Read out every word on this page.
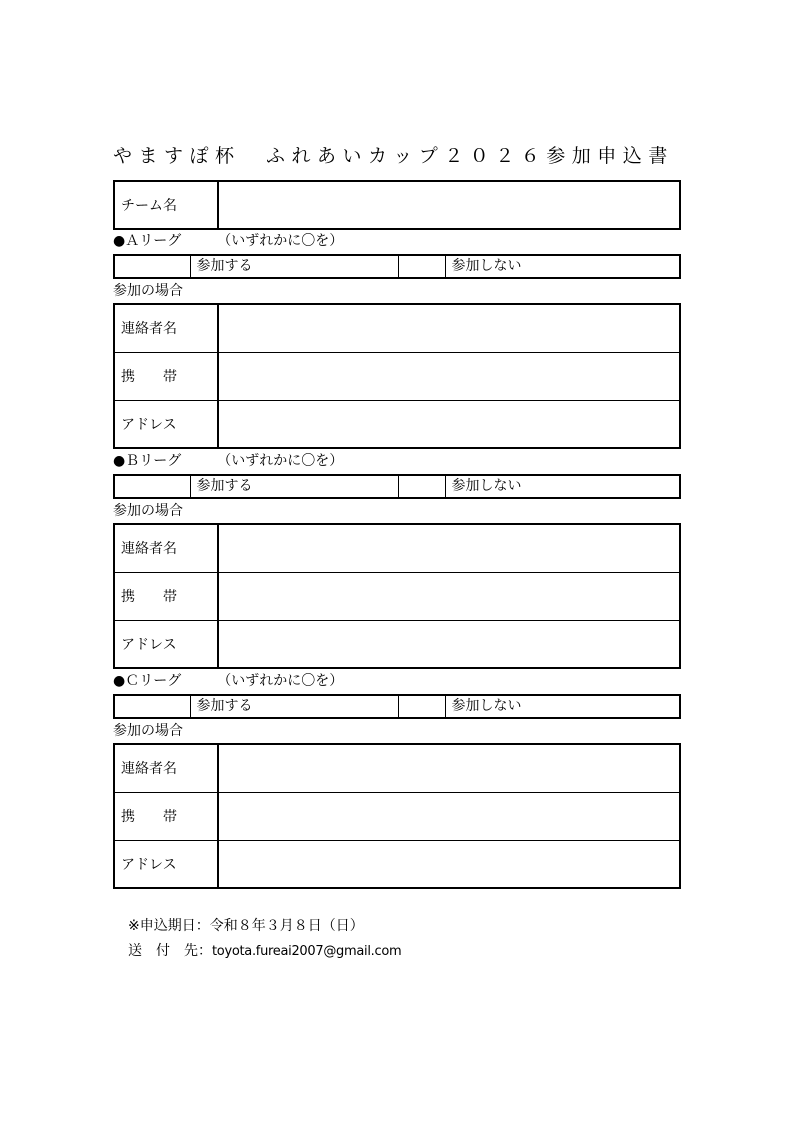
やますぽ杯　ふれあいカップ２０２６参加申込書
チーム名	
●Ａリーグ	（いずれかに〇を）
	参加する		参加しない
参加の場合
連絡者名	
携　　帯	
アドレス	
●Ｂリーグ	（いずれかに〇を）
	参加する		参加しない
参加の場合
連絡者名	
携　　帯	
アドレス	
●Ｃリーグ	（いずれかに〇を）
	参加する		参加しない
参加の場合
連絡者名	
携　　帯	
アドレス	
※申込期日：令和８年３月８日（日）
送　付　先：toyota.fureai2007@gmail.com
